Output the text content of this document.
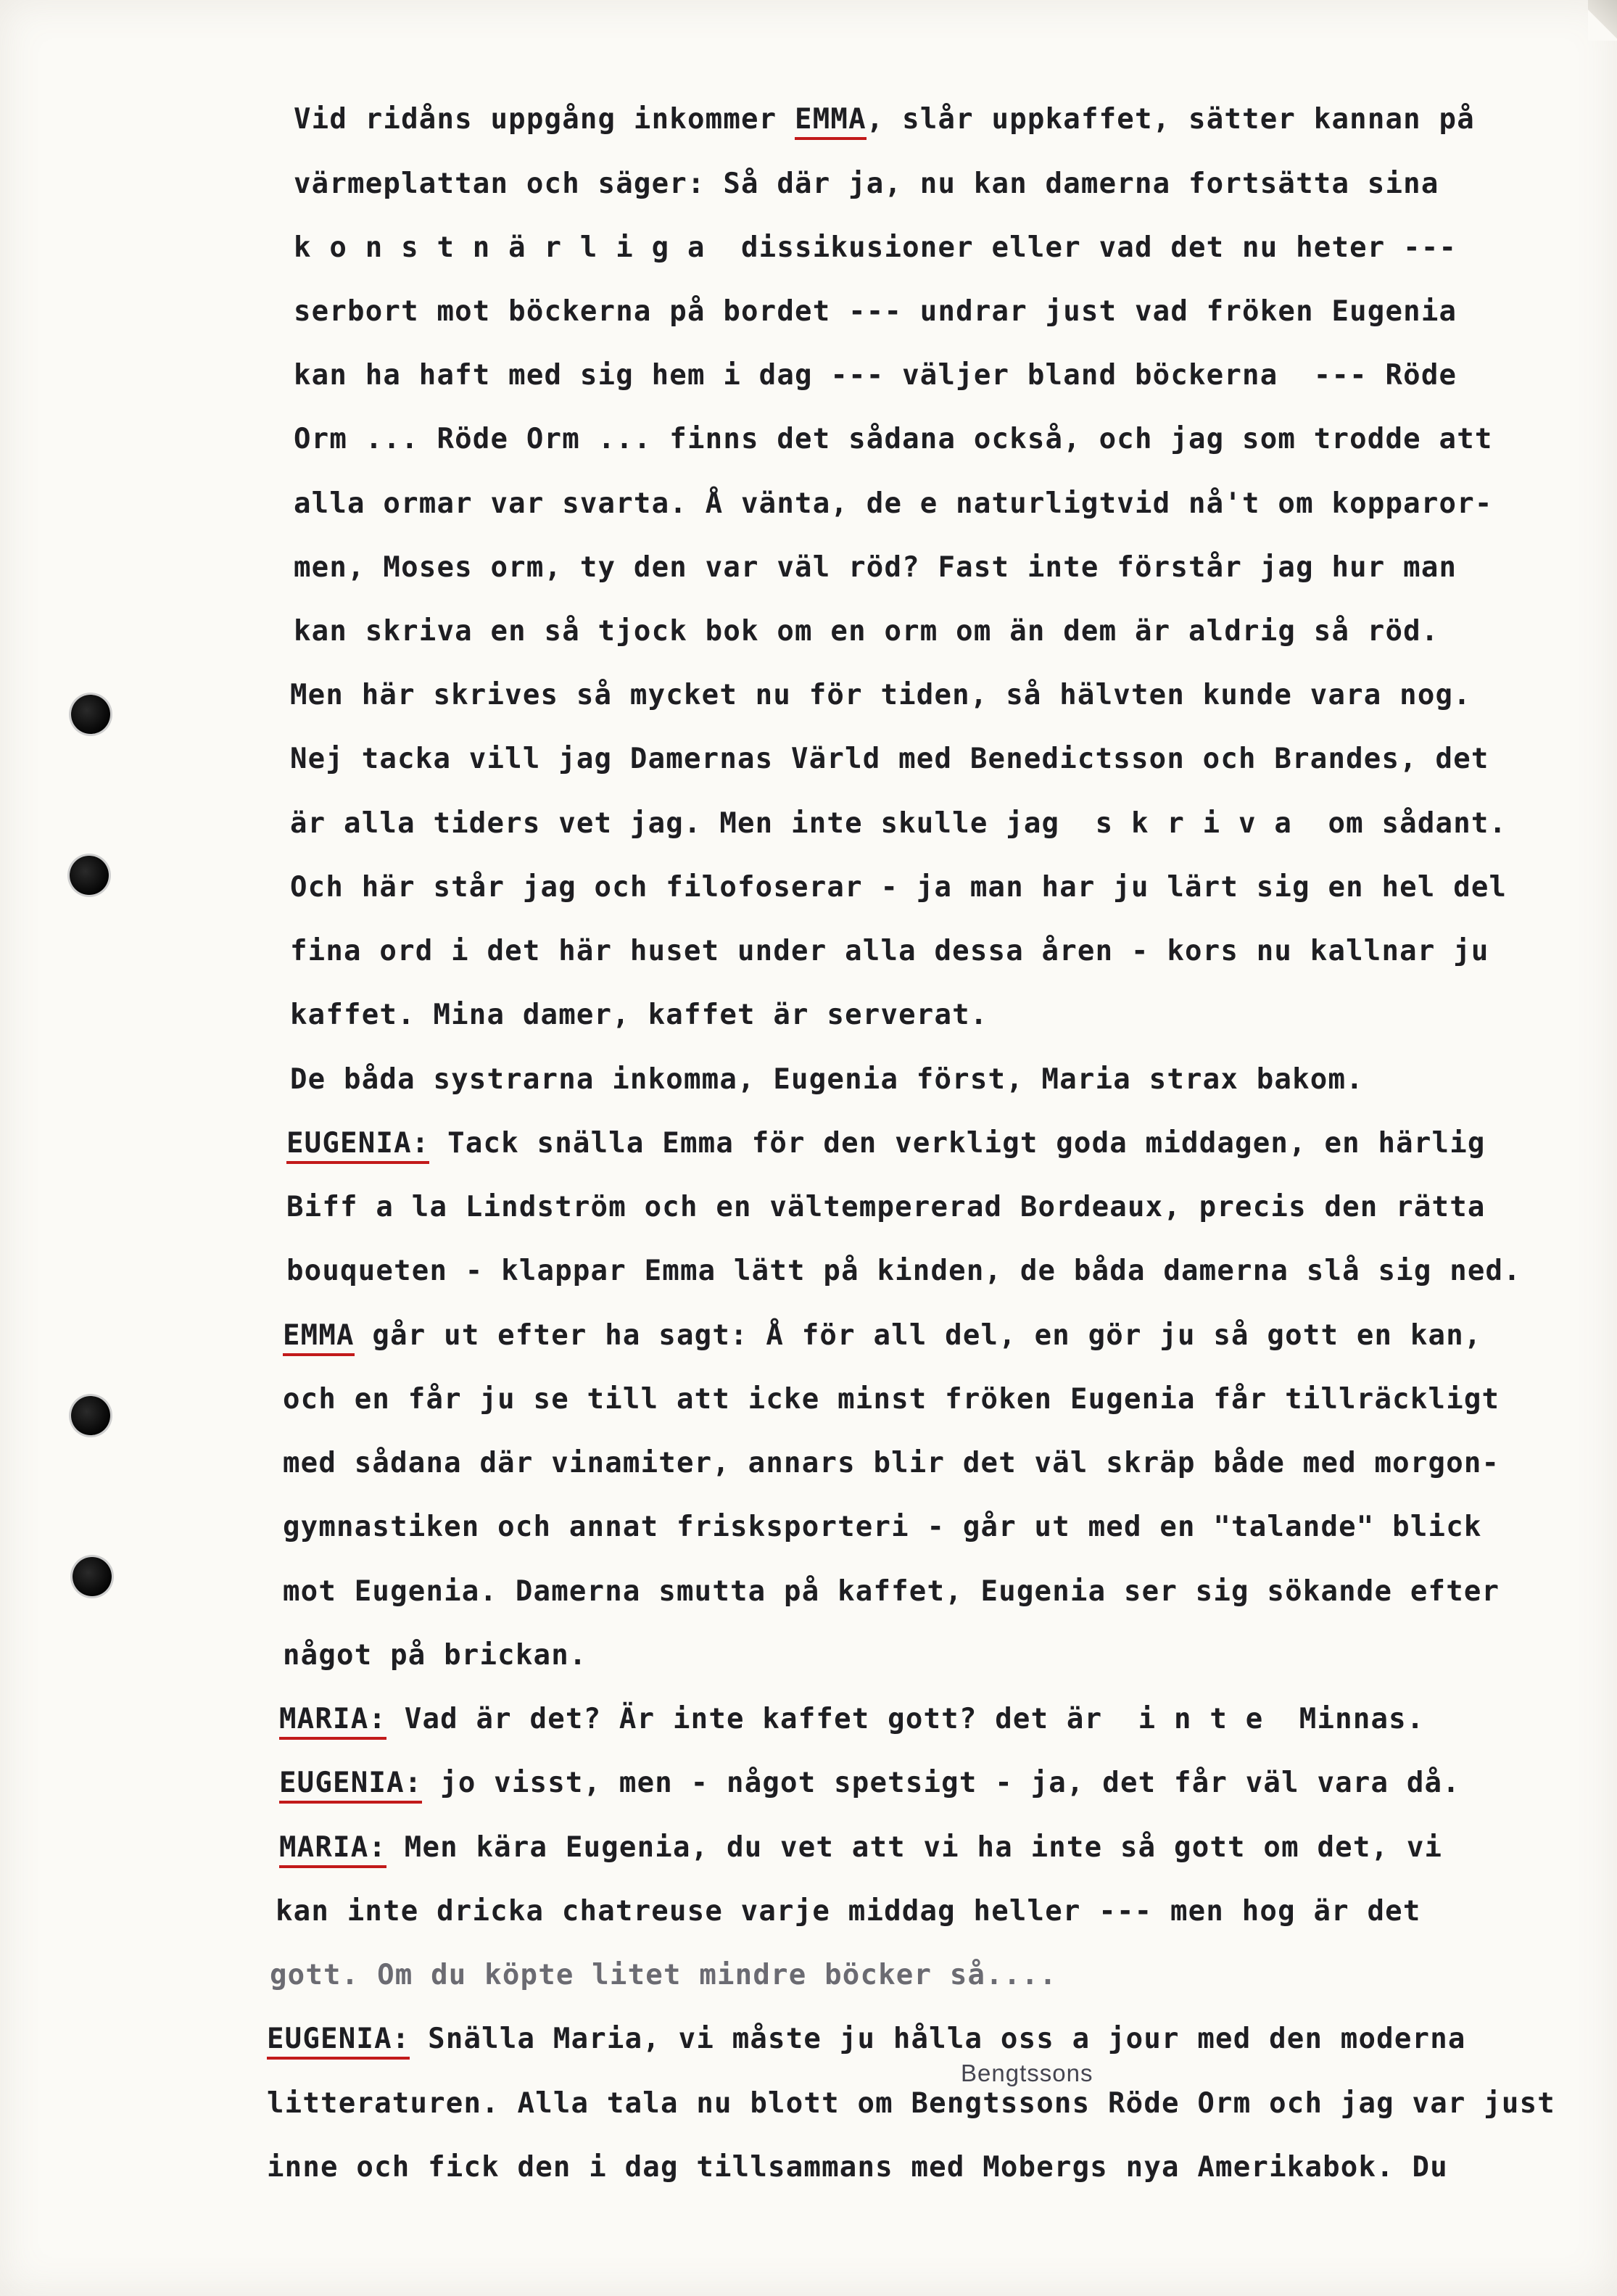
Vid ridåns uppgång inkommer EMMA, slår uppkaffet, sätter kannan på
värmeplattan och säger: Så där ja, nu kan damerna fortsätta sina
k o n s t n ä r l i g a  dissikusioner eller vad det nu heter ---
serbort mot böckerna på bordet --- undrar just vad fröken Eugenia
kan ha haft med sig hem i dag --- väljer bland böckerna  --- Röde
Orm ... Röde Orm ... finns det sådana också, och jag som trodde att
alla ormar var svarta. Å vänta, de e naturligtvid nå't om kopparor-
men, Moses orm, ty den var väl röd? Fast inte förstår jag hur man
kan skriva en så tjock bok om en orm om än dem är aldrig så röd.
Men här skrives så mycket nu för tiden, så hälvten kunde vara nog.
Nej tacka vill jag Damernas Värld med Benedictsson och Brandes, det
är alla tiders vet jag. Men inte skulle jag  s k r i v a  om sådant.
Och här står jag och filofoserar - ja man har ju lärt sig en hel del
fina ord i det här huset under alla dessa åren - kors nu kallnar ju
kaffet. Mina damer, kaffet är serverat.
De båda systrarna inkomma, Eugenia först, Maria strax bakom.
EUGENIA: Tack snälla Emma för den verkligt goda middagen, en härlig
Biff a la Lindström och en vältempererad Bordeaux, precis den rätta
bouqueten - klappar Emma lätt på kinden, de båda damerna slå sig ned.
EMMA går ut efter ha sagt: Å för all del, en gör ju så gott en kan,
och en får ju se till att icke minst fröken Eugenia får tillräckligt
med sådana där vinamiter, annars blir det väl skräp både med morgon-
gymnastiken och annat frisksporteri - går ut med en "talande" blick
mot Eugenia. Damerna smutta på kaffet, Eugenia ser sig sökande efter
något på brickan.
MARIA: Vad är det? Är inte kaffet gott? det är  i n t e  Minnas.
EUGENIA: jo visst, men - något spetsigt - ja, det får väl vara då.
MARIA: Men kära Eugenia, du vet att vi ha inte så gott om det, vi
kan inte dricka chatreuse varje middag heller --- men hog är det
gott. Om du köpte litet mindre böcker så....
EUGENIA: Snälla Maria, vi måste ju hålla oss a jour med den moderna
litteraturen. Alla tala nu blott om Bengtssons Röde Orm och jag var just
inne och fick den i dag tillsammans med Mobergs nya Amerikabok. Du
Bengtssons
